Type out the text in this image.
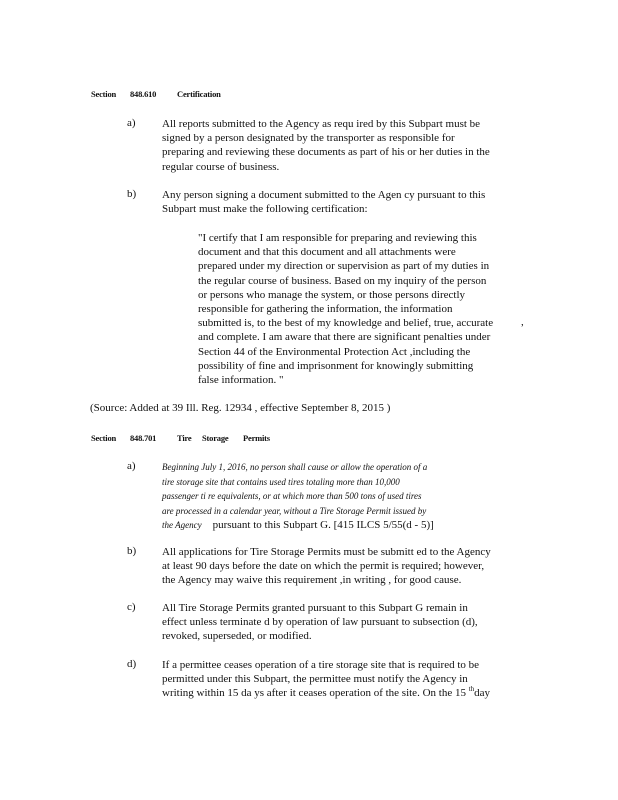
Section 848.610 Certification
a) All reports submitted to the Agency as requ ired by this Subpart must be
signed by a person designated by the transporter as responsible for
preparing and reviewing these documents as part of his or her duties in the
regular course of business.
b) Any person signing a document submitted to the Agen cy pursuant to this
Subpart must make the following certification:
"I certify that I am responsible for preparing and reviewing this
document and that this document and all attachments were
prepared under my direction or supervision as part of my duties in
the regular course of business. Based on my inquiry of the person
or persons who manage the system, or those persons directly
responsible for gathering the information, the information
submitted is, to the best of my knowledge and belief, true, accurate
and complete. I am aware that there are significant penalties under
Section 44 of the Environmental Protection Act ,including the
possibility of fine and imprisonment for knowingly submitting
false information. "
,
(Source: Added at 39 Ill. Reg. 12934 , effective September 8, 2015 )
Section 848.701 Tire Storage Permits
a)	Beginning July 1, 2016, no person shall cause or allow the operation of a
tire storage site that contains used tires totaling more than 10,000
passenger ti re equivalents, or at which more than 500 tons of used tires
are processed in a calendar year, without a Tire Storage Permit issued by
the Agency pursuant to this Subpart G. [415 ILCS 5/55(d - 5)]
b) All applications for Tire Storage Permits must be submitt ed to the Agency
at least 90 days before the date on which the permit is required; however,
the Agency may waive this requirement ,in writing , for good cause.
c) All Tire Storage Permits granted pursuant to this Subpart G remain in
effect unless terminate d by operation of law pursuant to subsection (d),
revoked, superseded, or modified.
d) If a permittee ceases operation of a tire storage site that is required to be
permitted under this Subpart, the permittee must notify the Agency in
writing within 15 da ys after it ceases operation of the site. On the 15 $^{th}$day
